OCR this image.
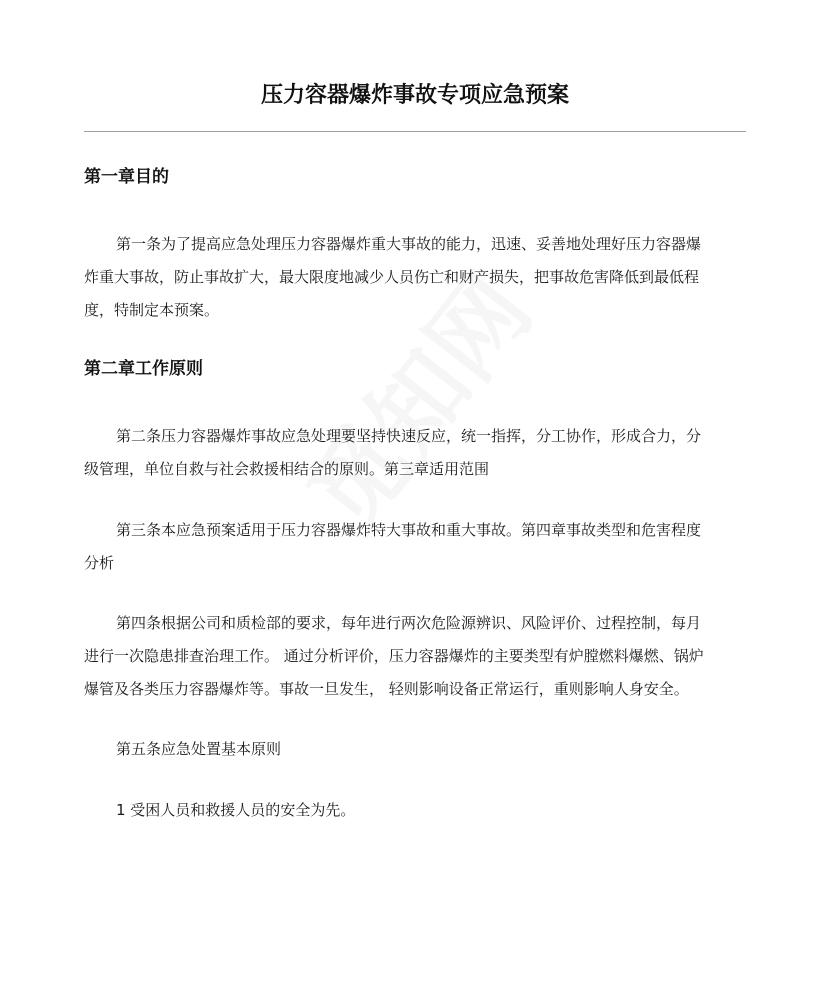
压力容器爆炸事故专项应急预案
第一章目的
第一条为了提高应急处理压力容器爆炸重大事故的能力，迅速、妥善地处理好压力容器爆
炸重大事故，防止事故扩大，最大限度地减少人员伤亡和财产损失，把事故危害降低到最低程
度，特制定本预案。
第二章工作原则
第二条压力容器爆炸事故应急处理要坚持快速反应，统一指挥，分工协作，形成合力，分
级管理，单位自救与社会救援相结合的原则。第三章适用范围
第三条本应急预案适用于压力容器爆炸特大事故和重大事故。第四章事故类型和危害程度
分析
第四条根据公司和质检部的要求，每年进行两次危险源辨识、风险评价、过程控制，每月
进行一次隐患排查治理工作。 通过分析评价，压力容器爆炸的主要类型有炉膛燃料爆燃、锅炉
爆管及各类压力容器爆炸等。事故一旦发生， 轻则影响设备正常运行，重则影响人身安全。
第五条应急处置基本原则
1 受困人员和救援人员的安全为先。
